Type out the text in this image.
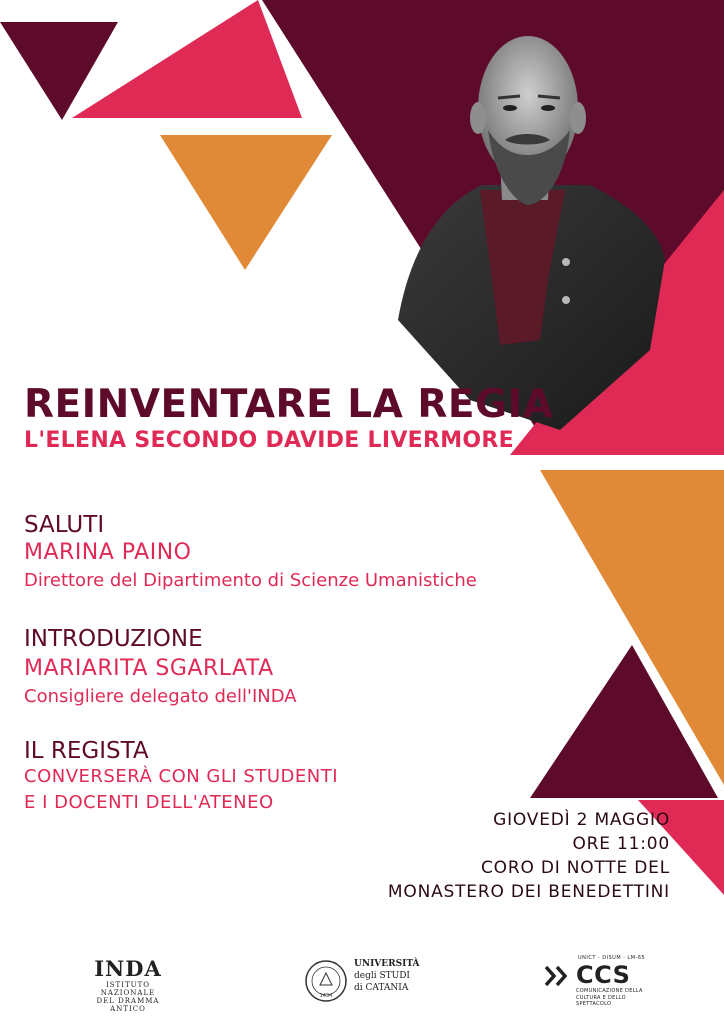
REINVENTARE LA REGIA
L'ELENA SECONDO DAVIDE LIVERMORE
SALUTI
MARINA PAINO
Direttore del Dipartimento di Scienze Umanistiche
INTRODUZIONE
MARIARITA SGARLATA
Consigliere delegato dell'INDA
IL REGISTA
CONVERSERÀ CON GLI STUDENTI
E I DOCENTI DELL'ATENEO
GIOVEDÌ 2 MAGGIO
ORE 11:00
CORO DI NOTTE DEL
MONASTERO DEI BENEDETTINI
INDA
ISTITUTO NAZIONALE
DEL DRAMMA ANTICO
1434
UNIVERSITÀ
degli STUDI
di CATANIA
UNICT · DISUM · LM-65
CCS
COMUNICAZIONE DELLA
CULTURA E DELLO SPETTACOLO
